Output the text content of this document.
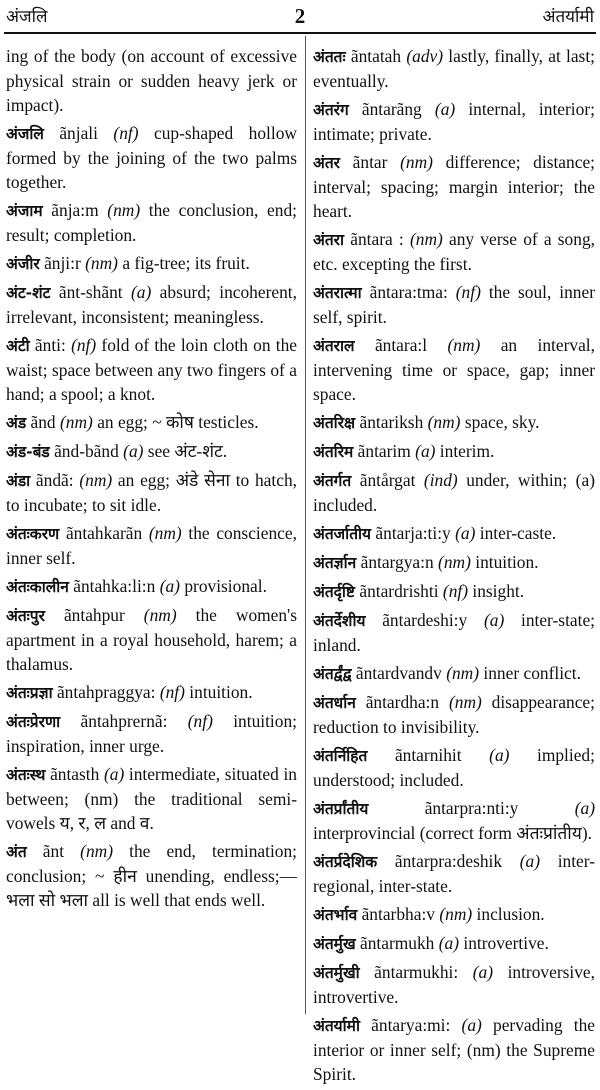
अंजलि	2	अंतर्यामी
ing of the body (on account of excessive physical strain or sudden heavy jerk or impact).
अंजलि ãnjali (nf) cup-shaped hollow formed by the joining of the two palms together.
अंजाम ãnja:m (nm) the conclusion, end; result; completion.
अंजीर ãnji:r (nm) a fig-tree; its fruit.
अंट-शंट ãnt-shãnt (a) absurd; incoherent, irrelevant, inconsistent; meaningless.
अंटी ãnti: (nf) fold of the loin cloth on the waist; space between any two fingers of a hand; a spool; a knot.
अंड ãnd (nm) an egg; ~ कोष testicles.
अंड-बंड ãnd-bãnd (a) see अंट-शंट.
अंडा ãndã: (nm) an egg; अंडे सेना to hatch, to incubate; to sit idle.
अंतःकरण ãntahkarãn (nm) the conscience, inner self.
अंतःकालीन ãntahka:li:n (a) provisional.
अंतःपुर ãntahpur (nm) the women's apartment in a royal household, harem; a thalamus.
अंतःप्रज्ञा ãntahpraggya: (nf) intuition.
अंतःप्रेरणा ãntahprernã: (nf) intuition; inspiration, inner urge.
अंतःस्थ ãntasth (a) intermediate, situated in between; (nm) the traditional semi-vowels य, र, ल and व.
अंत ãnt (nm) the end, termination; conclusion; ~ हीन unending, endless;—भला सो भला all is well that ends well.
अंततः ãntatah (adv) lastly, finally, at last; eventually.
अंतरंग ãntarãng (a) internal, interior; intimate; private.
अंतर ãntar (nm) difference; distance; interval; spacing; margin interior; the heart.
अंतरा ãntara : (nm) any verse of a song, etc. excepting the first.
अंतरात्मा ãntara:tma: (nf) the soul, inner self, spirit.
अंतराल ãntara:l (nm) an interval, intervening time or space, gap; inner space.
अंतरिक्ष ãntariksh (nm) space, sky.
अंतरिम ãntarim (a) interim.
अंतर्गत ãntårgat (ind) under, within; (a) included.
अंतर्जातीय ãntarja:ti:y (a) inter-caste.
अंतर्ज्ञान ãntargya:n (nm) intuition.
अंतर्दृष्टि ãntardrishti (nf) insight.
अंतर्देशीय ãntardeshi:y (a) inter-state; inland.
अंतर्द्वंद्व ãntardvandv (nm) inner conflict.
अंतर्धान ãntardha:n (nm) disappearance; reduction to invisibility.
अंतर्निहित ãntarnihit (a) implied; understood; included.
अंतर्प्रांतीय	ãntarpra:nti:y	(a) interprovincial (correct form अंतःप्रांतीय).
अंतर्प्रदेशिक ãntarpra:deshik (a) inter-regional, inter-state.
अंतर्भाव ãntarbha:v (nm) inclusion.
अंतर्मुख ãntarmukh (a) introvertive.
अंतर्मुखी ãntarmukhi: (a) introversive, introvertive.
अंतर्यामी ãntarya:mi: (a) pervading the interior or inner self; (nm) the Supreme Spirit.
